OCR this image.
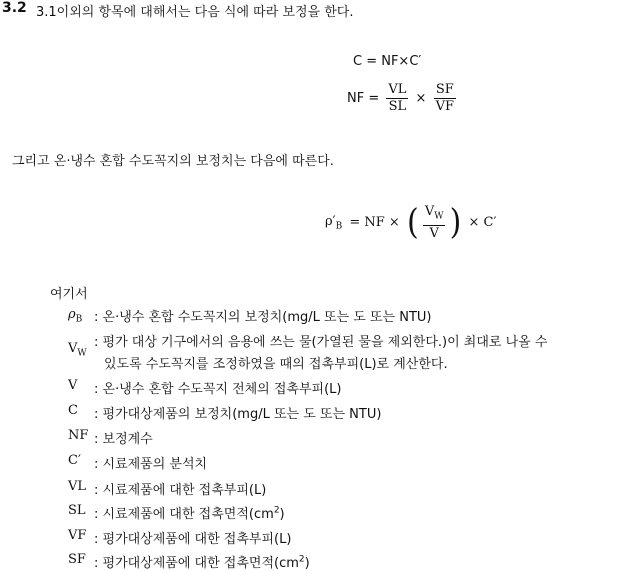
3.2 3.1이외의 항목에 대해서는 다음 식에 따라 보정을 한다.
C = NF×C′
NF = $\frac{VL}{SL} \times \frac{SF}{VF}$
그리고 온·냉수 혼합 수도꼭지의 보정치는 다음에 따른다.
$\rho'_B$ = NF × ( $\frac{V_W}{V}$ ) × C′
여기서
$\rho_B$ : 온·냉수 혼합 수도꼭지의 보정치(mg/L 또는 도 또는 NTU)
$V_W$
: 평가 대상 기구에서의 음용에 쓰는 물(가열된 물을 제외한다.)이 최대로 나올 수
있도록 수도꼭지를 조정하였을 때의 접촉부피(L)로 계산한다.
V : 온·냉수 혼합 수도꼭지 전체의 접촉부피(L)
C : 평가대상제품의 보정치(mg/L 또는 도 또는 NTU)
NF : 보정계수
C′ : 시료제품의 분석치
VL : 시료제품에 대한 접촉부피(L)
SL : 시료제품에 대한 접촉면적$(cm^2)$
VF : 평가대상제품에 대한 접촉부피(L)
SF : 평가대상제품에 대한 접촉면적$(cm^2)$
